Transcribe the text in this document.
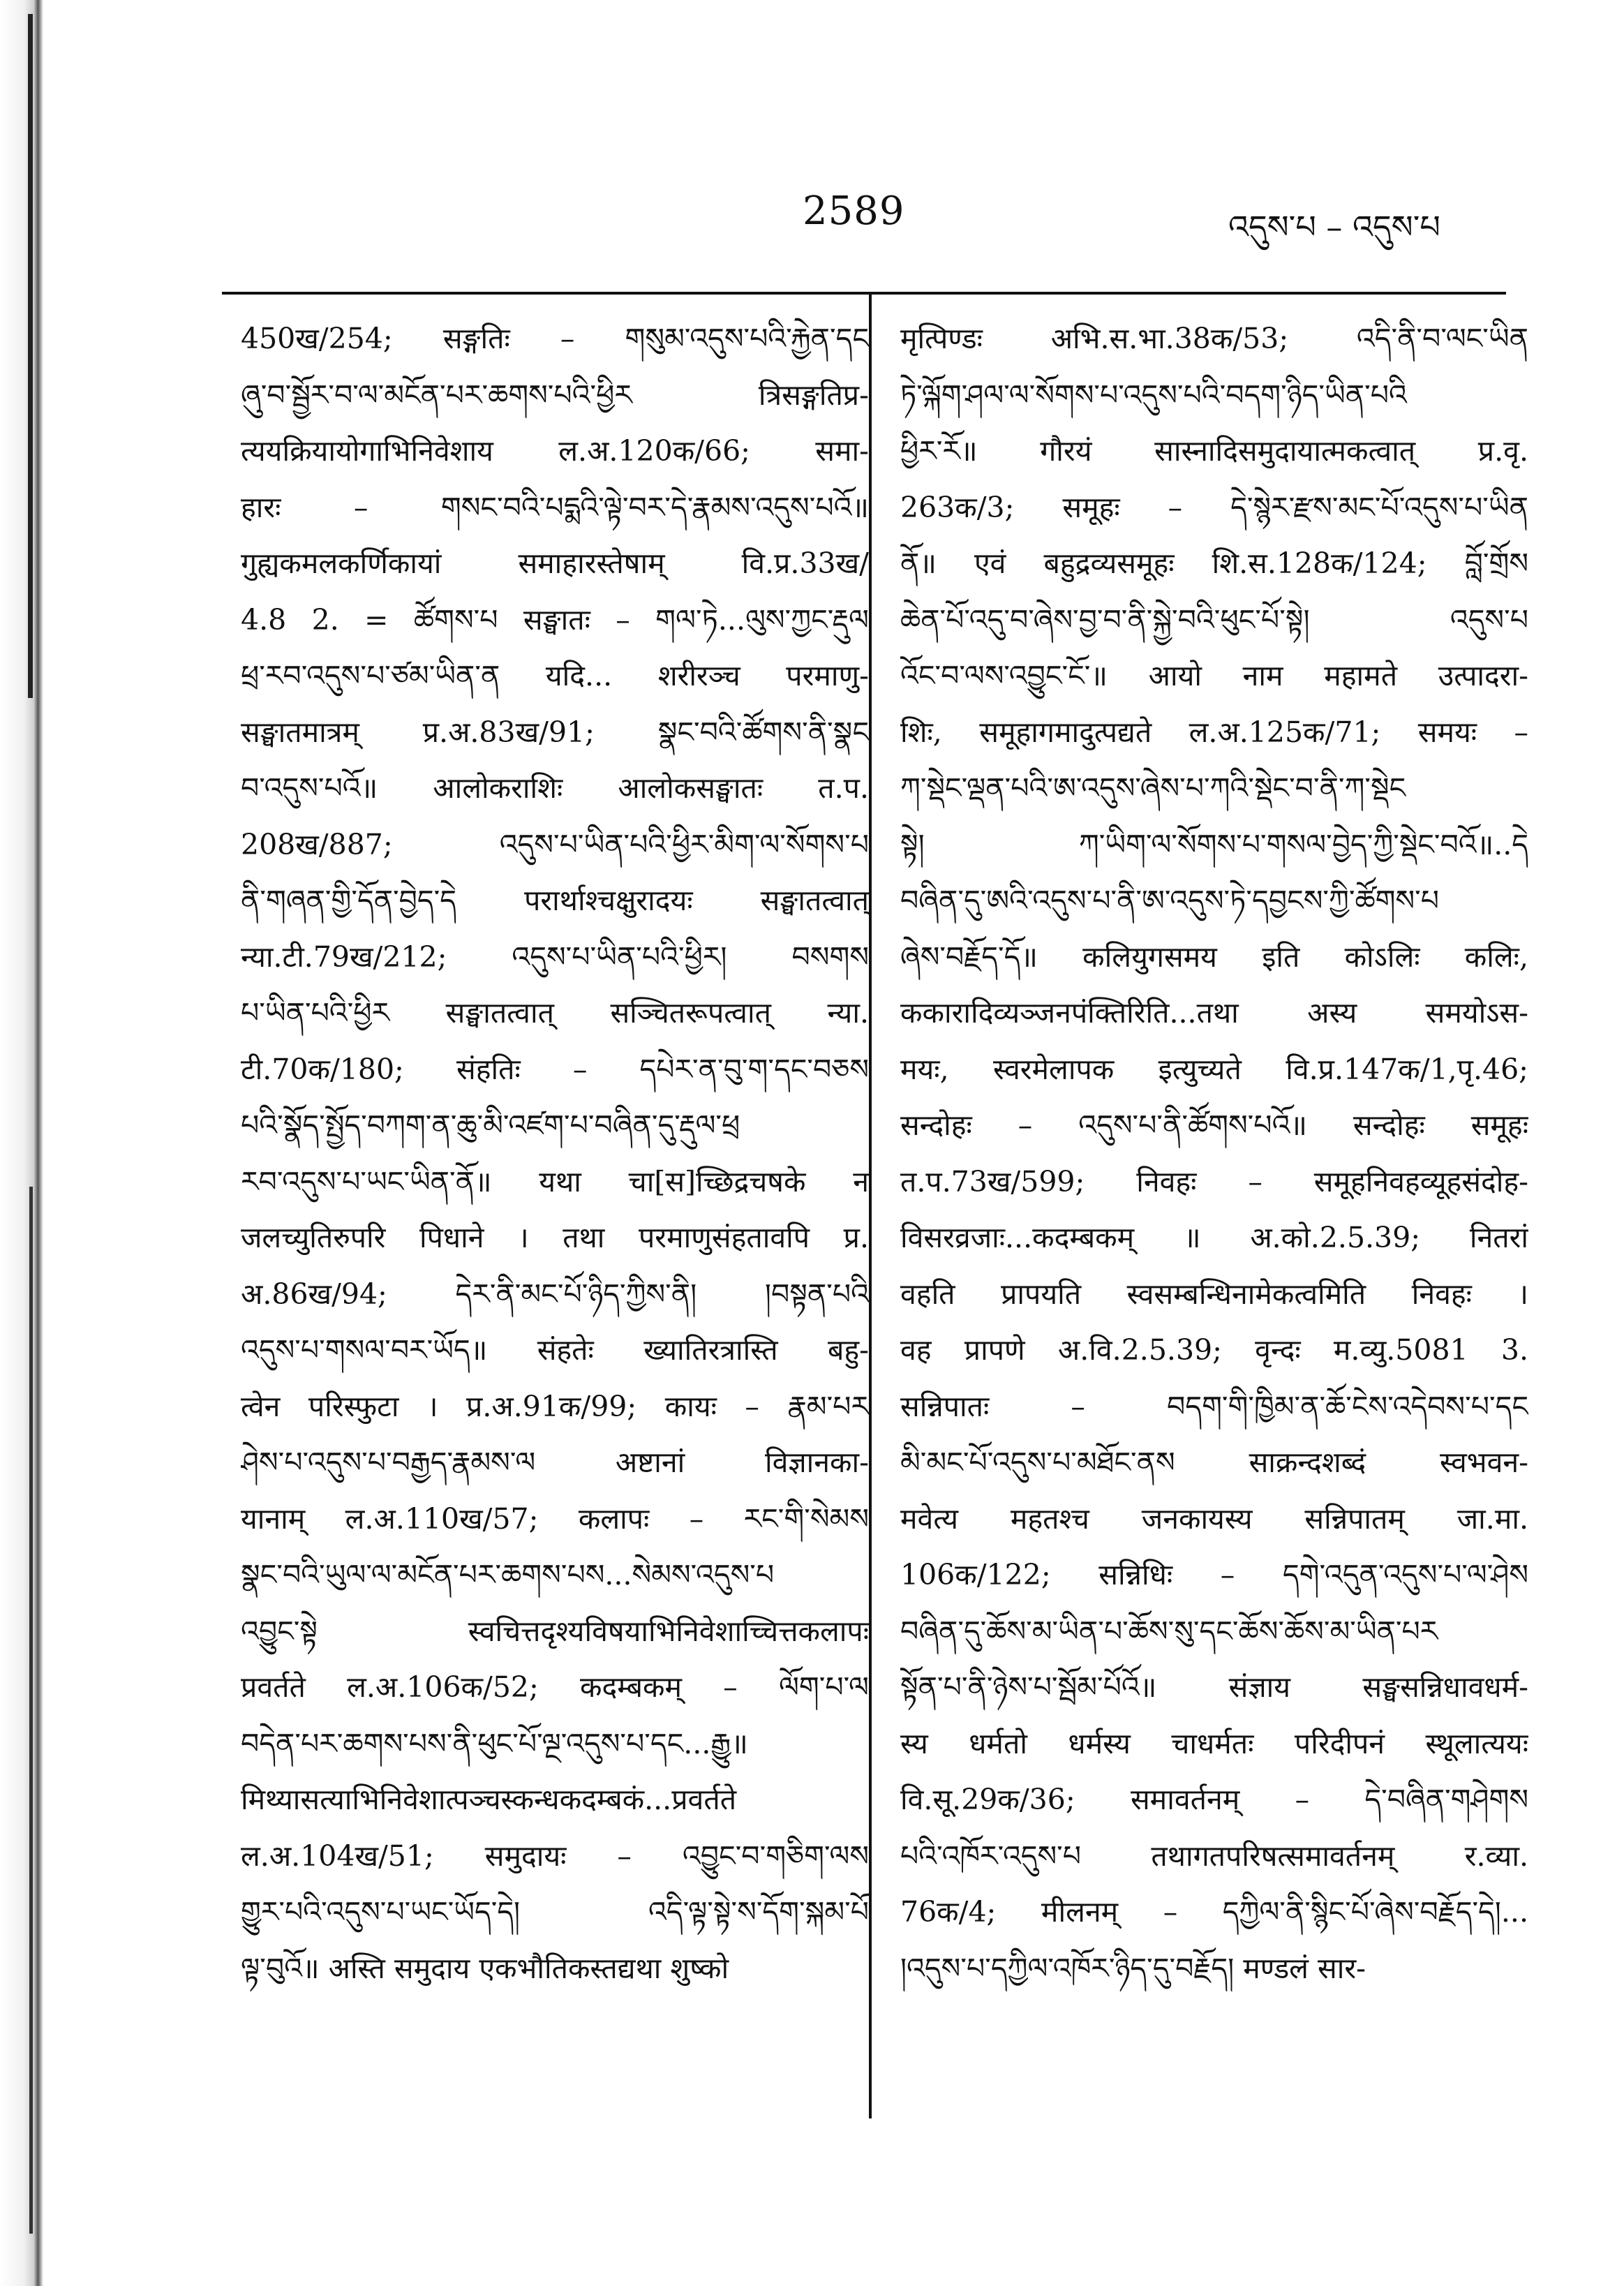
2589	འདུས་པ – འདུས་པ
450ख/254; सङ्गतिः – གསུམ་འདུས་པའི་རྐྱེན་དང
ཞུ་བ་སྦྱོར་བ་ལ་མངོན་པར་ཆགས་པའི་ཕྱིར त्रिसङ्गतिप्र-
त्ययक्रियायोगाभिनिवेशाय ल.अ.120क/66; समा-
हारः – གསང་བའི་པདྨའི་ལྟེ་བར་དེ་རྣམས་འདུས་པའོ॥
गुह्यकमलकर्णिकायां समाहारस्तेषाम् वि.प्र.33ख/
4.8 2. = ཚོགས་པ सङ्घातः – གལ་ཏེ...ལུས་ཀྱང་རྡུལ
ཕྲ་རབ་འདུས་པ་ཙམ་ཡིན་ན यदि... शरीरञ्च परमाणु-
सङ्घातमात्रम् प्र.अ.83ख/91; སྣང་བའི་ཚོགས་ནི་སྣང
བ་འདུས་པའོ॥ आलोकराशिः आलोकसङ्घातः त.प.
208ख/887; འདུས་པ་ཡིན་པའི་ཕྱིར་མིག་ལ་སོགས་པ
ནི་གཞན་གྱི་དོན་བྱེད་དེ परार्थाश्चक्षुरादयः सङ्घातत्वात्
न्या.टी.79ख/212; འདུས་པ་ཡིན་པའི་ཕྱིར། བསགས
པ་ཡིན་པའི་ཕྱིར सङ्घातत्वात् सञ्चितरूपत्वात् न्या.
टी.70क/180; संहतिः – དཔེར་ན་བུ་ག་དང་བཅས
པའི་སྣོད་སྤྱོད་བཀག་ན་ཆུ་མི་འཛག་པ་བཞིན་དུ་རྡུལ་ཕྲ
རབ་འདུས་པ་ཡང་ཡིན་ནོ॥ यथा चा[स]च्छिद्रचषके न
जलच्युतिरुपरि पिधाने । तथा परमाणुसंहतावपि प्र.
अ.86ख/94; དེར་ནི་མང་པོ་ཉིད་ཀྱིས་ནི། །བསྟན་པའི
འདུས་པ་གསལ་བར་ཡོད॥ संहतेः ख्यातिरत्रास्ति बहु-
त्वेन परिस्फुटा । प्र.अ.91क/99; कायः – རྣམ་པར
ཤེས་པ་འདུས་པ་བརྒྱད་རྣམས་ལ अष्टानां विज्ञानका-
यानाम् ल.अ.110ख/57; कलापः – རང་གི་སེམས
སྣང་བའི་ཡུལ་ལ་མངོན་པར་ཆགས་པས...སེམས་འདུས་པ
འབྱུང་སྟེ स्वचित्तदृश्यविषयाभिनिवेशाच्चित्तकलापः
प्रवर्तते ल.अ.106क/52; कदम्बकम् – ལོག་པ་ལ
བདེན་པར་ཆགས་པས་ནི་ཕུང་པོ་ལྔ་འདུས་པ་དང...རྒྱུ॥
मिथ्यासत्याभिनिवेशात्पञ्चस्कन्धकदम्बकं...प्रवर्तते
ल.अ.104ख/51; समुदायः – འབྱུང་བ་གཅིག་ལས
གྱུར་པའི་འདུས་པ་ཡང་ཡོད་དེ། འདི་ལྟ་སྟེ་ས་དོག་སྐམ་པོ
ལྟ་བུའོ॥ अस्ति समुदाय एकभौतिकस्तद्यथा शुष्को
मृत्पिण्डः अभि.स.भा.38क/53; འདི་ནི་བ་ལང་ཡིན
ཏེ་ལྐོག་ཤལ་ལ་སོགས་པ་འདུས་པའི་བདག་ཉིད་ཡིན་པའི
ཕྱིར་རོ॥ गौरयं सास्नादिसमुदायात्मकत्वात् प्र.वृ.
263क/3; समूहः – དེ་སྙེར་རྫས་མང་པོ་འདུས་པ་ཡིན
ནོ॥ एवं बहुद्रव्यसमूहः शि.स.128क/124; བློ་གྲོས
ཆེན་པོ་འདུ་བ་ཞེས་བྱ་བ་ནི་སྐྱེ་བའི་ཕུང་པོ་སྟེ། འདུས་པ
འོང་བ་ལས་འབྱུང་ངོ་॥ आयो नाम महामते उत्पादरा-
शिः, समूहागमादुत्पद्यते ल.अ.125क/71; समयः –
ཀ་སྡེང་ལྡན་པའི་ཨ་འདུས་ཞེས་པ་ཀའི་སྡེང་བ་ནི་ཀ་སྡེང
སྟེ། ཀ་ཡིག་ལ་སོགས་པ་གསལ་བྱེད་ཀྱི་སྡེང་བའོ॥..དེ
བཞིན་དུ་ཨའི་འདུས་པ་ནི་ཨ་འདུས་ཏེ་དབྱངས་ཀྱི་ཚོགས་པ
ཞེས་བརྗོད་དོ॥ कलियुगसमय इति कोऽलिः कलिः,
ककारादिव्यञ्जनपंक्तिरिति...तथा अस्य समयोऽस-
मयः, स्वरमेलापक इत्युच्यते वि.प्र.147क/1,पृ.46;
सन्दोहः – འདུས་པ་ནི་ཚོགས་པའོ॥ सन्दोहः समूहः
त.प.73ख/599; निवहः – समूहनिवहव्यूहसंदोह-
विसरव्रजाः...कदम्बकम् ॥ अ.को.2.5.39; नितरां
वहति प्रापयति स्वसम्बन्धिनामेकत्वमिति निवहः ।
वह प्रापणे अ.वि.2.5.39; वृन्दः म.व्यु.5081 3.
सन्निपातः – བདག་གི་ཁྱིམ་ན་ཆོ་ངེས་འདེབས་པ་དང
མི་མང་པོ་འདུས་པ་མཐོང་ནས साक्रन्दशब्दं स्वभवन-
मवेत्य महतश्च जनकायस्य सन्निपातम् जा.मा.
106क/122; सन्निधिः – དགེ་འདུན་འདུས་པ་ལ་ཤེས
བཞིན་དུ་ཆོས་མ་ཡིན་པ་ཆོས་སུ་དང་ཆོས་ཆོས་མ་ཡིན་པར
སྟོན་པ་ནི་ཉེས་པ་སྦོམ་པོའོ॥ संज्ञाय सङ्घसन्निधावधर्म-
स्य धर्मतो धर्मस्य चाधर्मतः परिदीपनं स्थूलात्ययः
वि.सू.29क/36; समावर्तनम् – དེ་བཞིན་གཤེགས
པའི་འཁོར་འདུས་པ तथागतपरिषत्समावर्तनम् र.व्या.
76क/4; मीलनम् – དཀྱིལ་ནི་སྙིང་པོ་ཞེས་བརྗོད་དེ།...
།འདུས་པ་དཀྱིལ་འཁོར་ཉིད་དུ་བརྗོད། मण्डलं सार-
